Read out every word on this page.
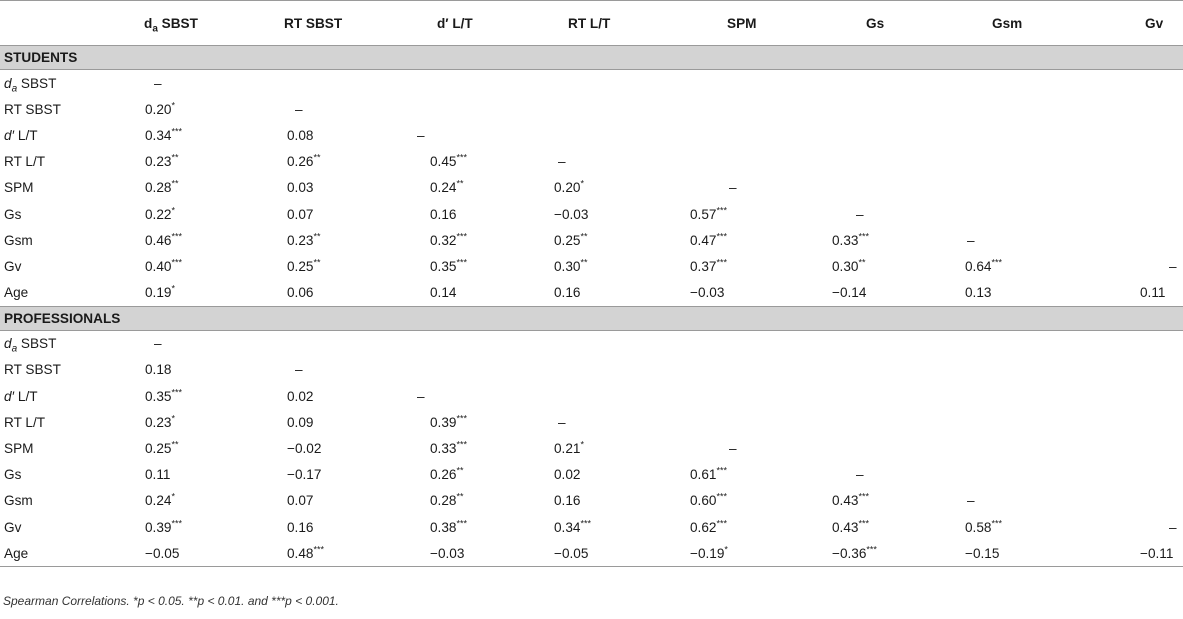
	$d_a$ SBST	RT SBST	d′ L/T	RT L/T	SPM	Gs	Gsm	Gv
STUDENTS								
$d_a$ SBST	–							
RT SBST	0.20*	–						
d′ L/T	0.34***	0.08	–					
RT L/T	0.23**	0.26**	0.45***	–				
SPM	0.28**	0.03	0.24**	0.20*	–			
Gs	0.22*	0.07	0.16	−0.03	0.57***	–		
Gsm	0.46***	0.23**	0.32***	0.25**	0.47***	0.33***	–	
Gv	0.40***	0.25**	0.35***	0.30**	0.37***	0.30**	0.64***	–
Age	0.19*	0.06	0.14	0.16	−0.03	−0.14	0.13	0.11
PROFESSIONALS								
$d_a$ SBST	–							
RT SBST	0.18	–						
d′ L/T	0.35***	0.02	–					
RT L/T	0.23*	0.09	0.39***	–				
SPM	0.25**	−0.02	0.33***	0.21*	–			
Gs	0.11	−0.17	0.26**	0.02	0.61***	–		
Gsm	0.24*	0.07	0.28**	0.16	0.60***	0.43***	–	
Gv	0.39***	0.16	0.38***	0.34***	0.62***	0.43***	0.58***	–
Age	−0.05	0.48***	−0.03	−0.05	−0.19*	−0.36***	−0.15	−0.11
Spearman Correlations. *p < 0.05. **p < 0.01. and ***p < 0.001.
